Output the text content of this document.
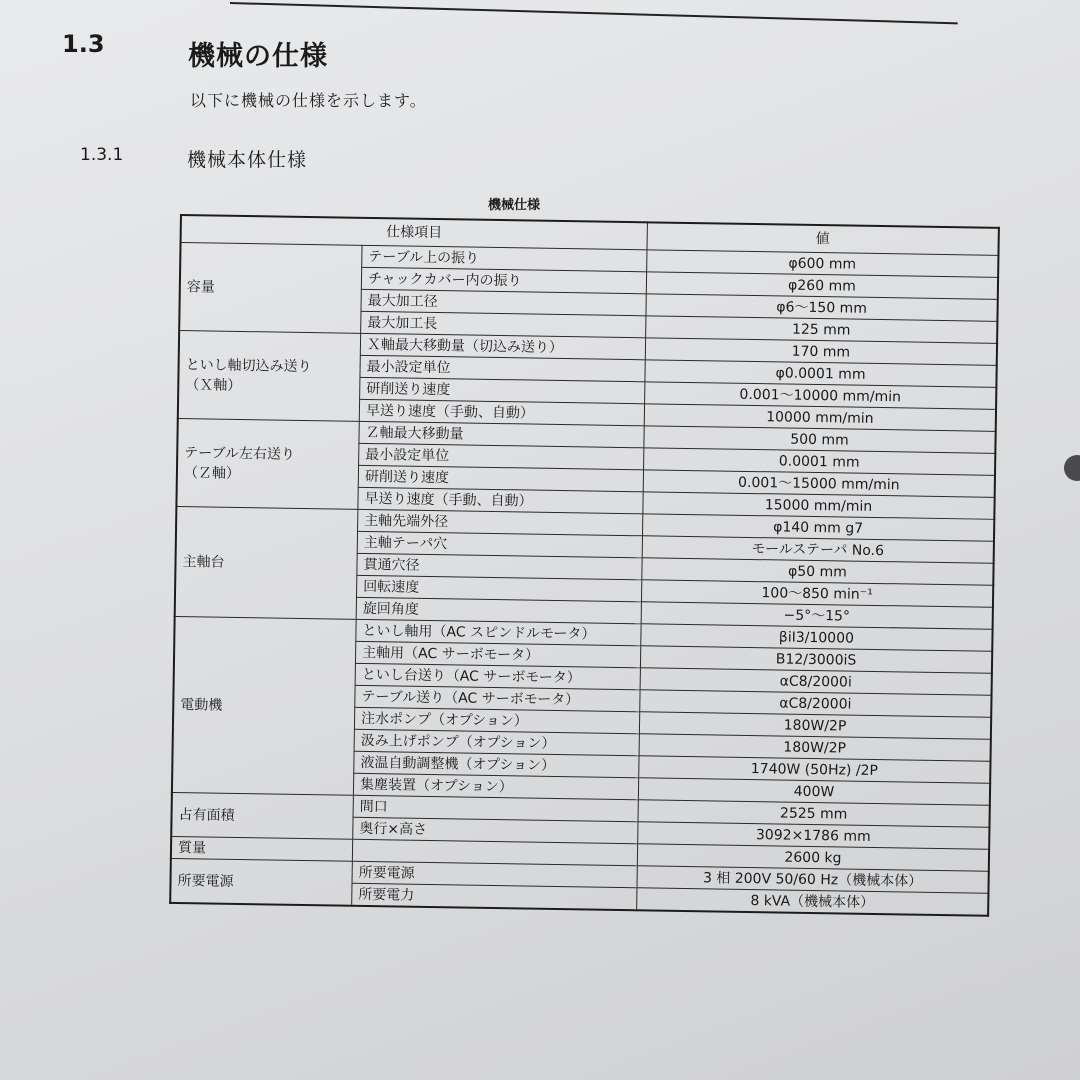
1.3	機械の仕様
以下に機械の仕様を示します。
1.3.1	機械本体仕様
機械仕様
仕様項目		値

容量	テーブル上の振り	φ600 mm
	チャックカバー内の振り	φ260 mm
	最大加工径	φ6～150 mm
	最大加工長	125 mm

といし軸切込み送り
（Ｘ軸）	Ｘ軸最大移動量（切込み送り）	170 mm
	最小設定単位	φ0.0001 mm
	研削送り速度	0.001～10000 mm/min
	早送り速度（手動、自動）	10000 mm/min

テーブル左右送り
（Ｚ軸）	Ｚ軸最大移動量	500 mm
	最小設定単位	0.0001 mm
	研削送り速度	0.001～15000 mm/min
	早送り速度（手動、自動）	15000 mm/min

主軸台	主軸先端外径	φ140 mm g7
	主軸テーパ穴	モールステーパ No.6
	貫通穴径	φ50 mm
	回転速度	100～850 min⁻¹
	旋回角度	−5°～15°

電動機	といし軸用（AC スピンドルモータ）	βiI3/10000
	主軸用（AC サーボモータ）	B12/3000iS
	といし台送り（AC サーボモータ）	αC8/2000i
	テーブル送り（AC サーボモータ）	αC8/2000i
	注水ポンプ（オプション）	180W/2P
	汲み上げポンプ（オプション）	180W/2P
	液温自動調整機（オプション）	1740W (50Hz) /2P
	集塵装置（オプション）	400W

占有面積	間口	2525 mm
	奥行×高さ	3092×1786 mm

質量		2600 kg

所要電源	所要電源	3 相 200V 50/60 Hz（機械本体）
	所要電力	8 kVA（機械本体）
